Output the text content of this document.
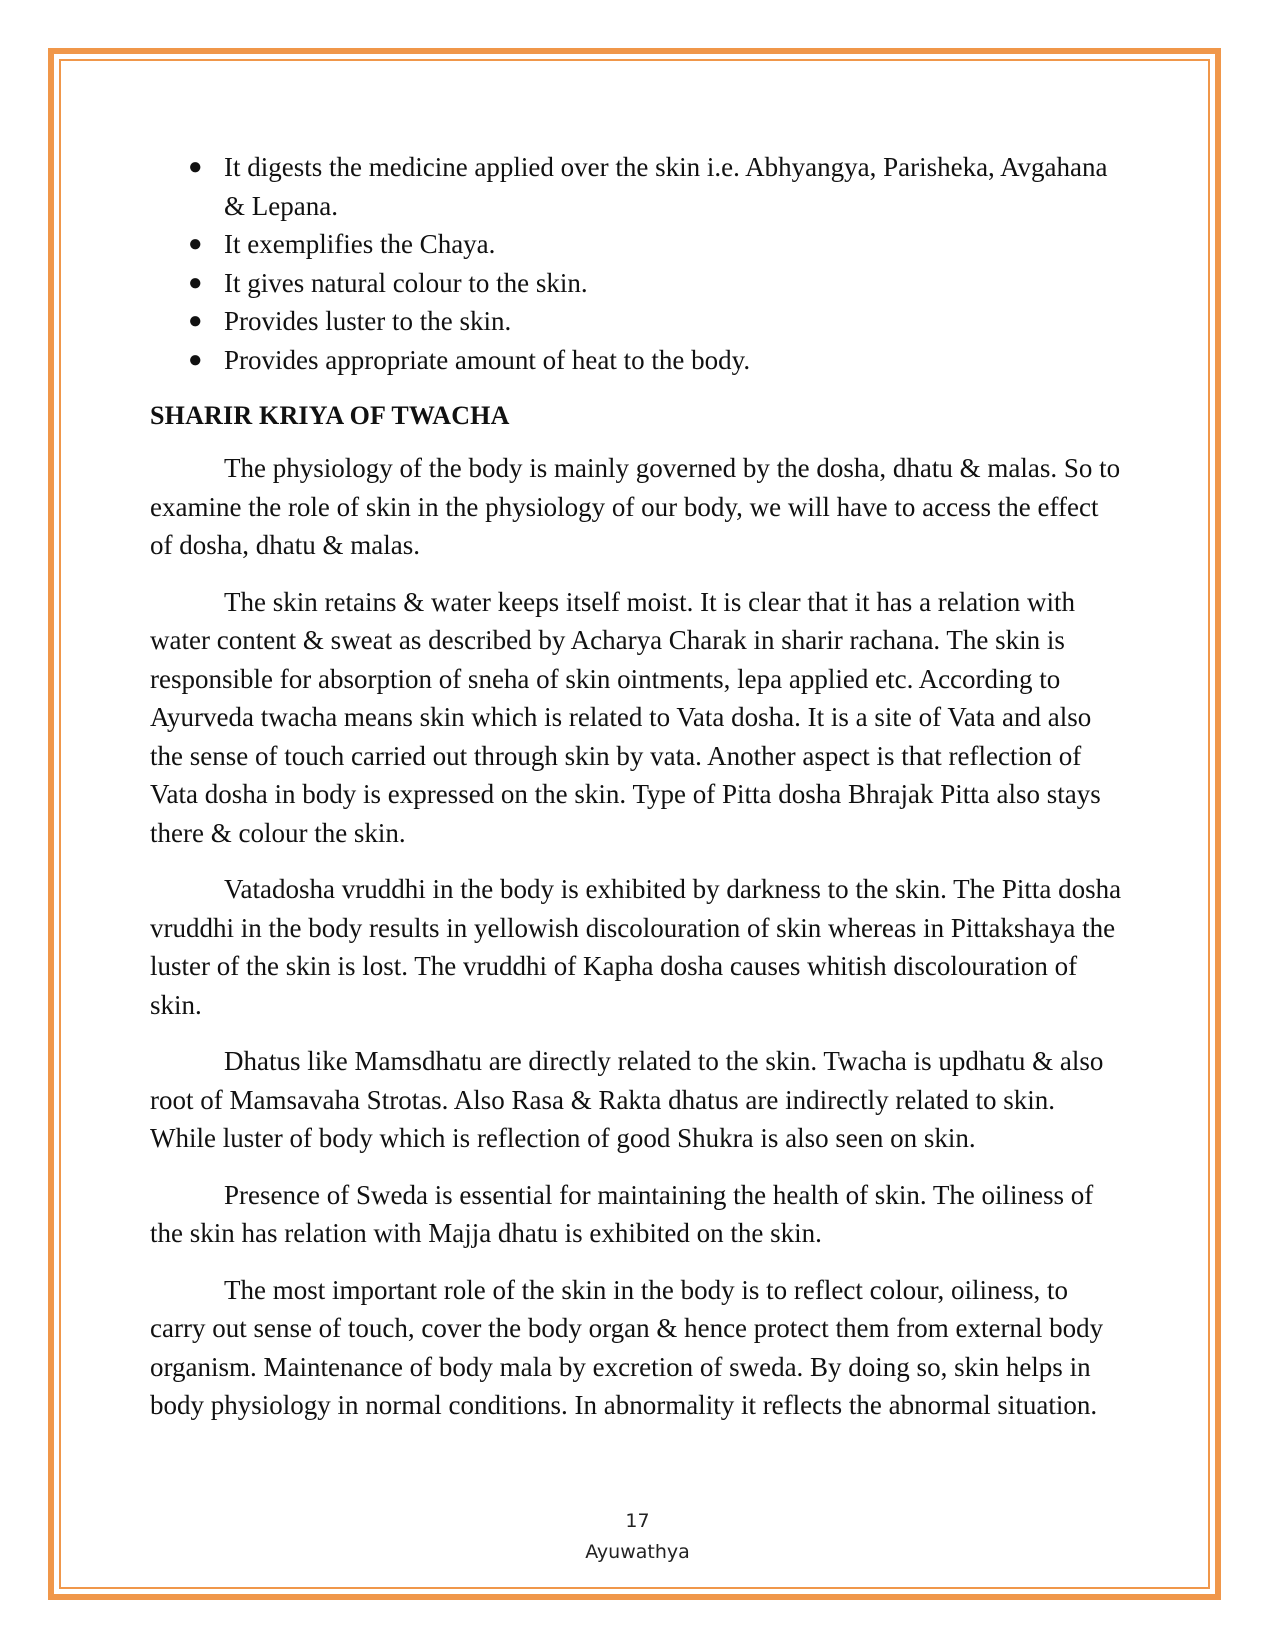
● It digests the medicine applied over the skin i.e. Abhyangya, Parisheka, Avgahana & Lepana.
● It exemplifies the Chaya.
● It gives natural colour to the skin.
● Provides luster to the skin.
● Provides appropriate amount of heat to the body.
SHARIR KRIYA OF TWACHA

The physiology of the body is mainly governed by the dosha, dhatu & malas. So to examine the role of skin in the physiology of our body, we will have to access the effect of dosha, dhatu & malas.

The skin retains & water keeps itself moist. It is clear that it has a relation with water content & sweat as described by Acharya Charak in sharir rachana. The skin is responsible for absorption of sneha of skin ointments, lepa applied etc. According to Ayurveda twacha means skin which is related to Vata dosha. It is a site of Vata and also the sense of touch carried out through skin by vata. Another aspect is that reflection of Vata dosha in body is expressed on the skin. Type of Pitta dosha Bhrajak Pitta also stays there & colour the skin.

Vatadosha vruddhi in the body is exhibited by darkness to the skin. The Pitta dosha vruddhi in the body results in yellowish discolouration of skin whereas in Pittakshaya the luster of the skin is lost. The vruddhi of Kapha dosha causes whitish discolouration of skin.

Dhatus like Mamsdhatu are directly related to the skin. Twacha is updhatu & also root of Mamsavaha Strotas. Also Rasa & Rakta dhatus are indirectly related to skin. While luster of body which is reflection of good Shukra is also seen on skin.

Presence of Sweda is essential for maintaining the health of skin. The oiliness of the skin has relation with Majja dhatu is exhibited on the skin.

The most important role of the skin in the body is to reflect colour, oiliness, to carry out sense of touch, cover the body organ & hence protect them from external body organism. Maintenance of body mala by excretion of sweda. By doing so, skin helps in body physiology in normal conditions. In abnormality it reflects the abnormal situation.

17
Ayuwathya
